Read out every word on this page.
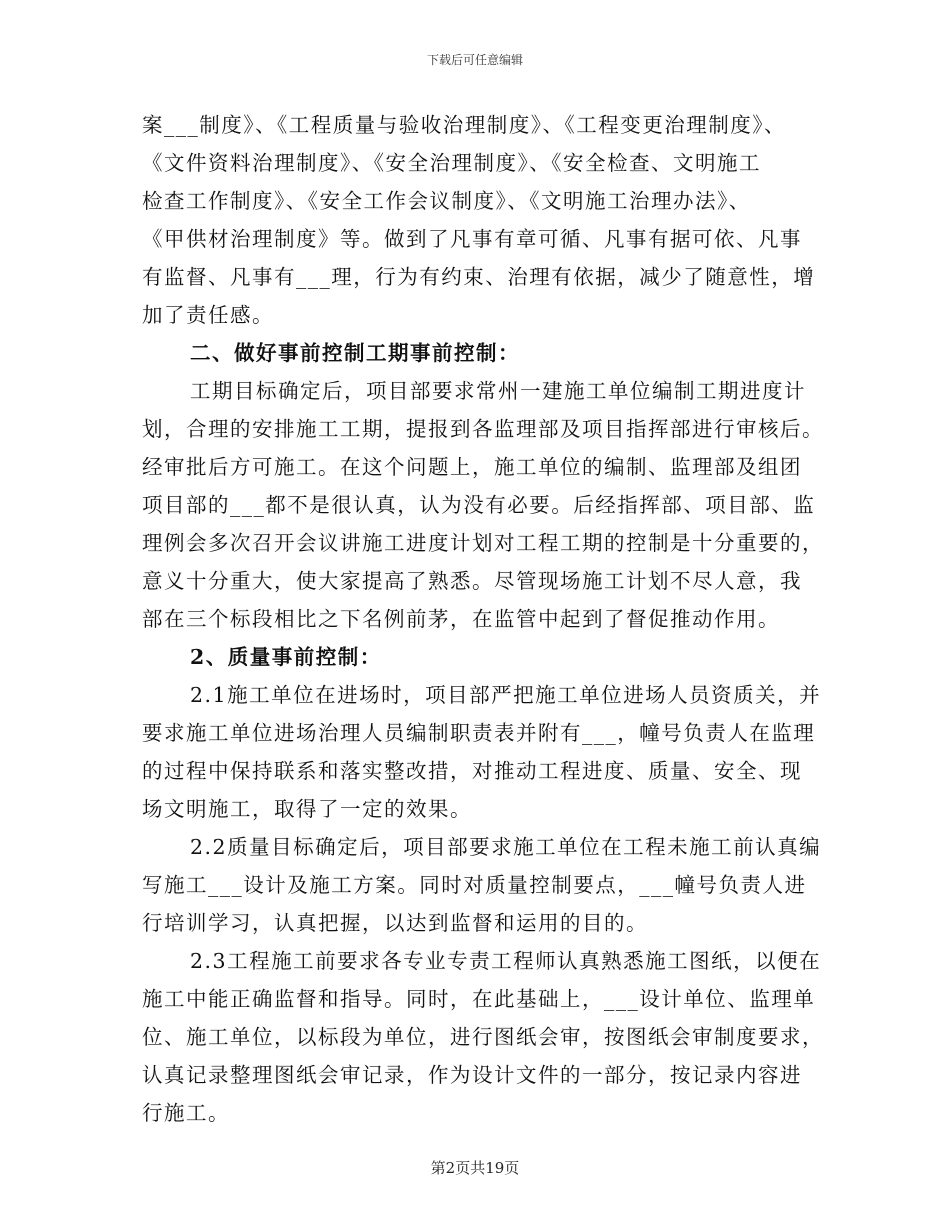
下载后可任意编辑
案___制度》、《工程质量与验收治理制度》、《工程变更治理制度》、
《文件资料治理制度》、《安全治理制度》、《安全检查、文明施工
检查工作制度》、《安全工作会议制度》、《文明施工治理办法》、
《甲供材治理制度》等。做到了凡事有章可循、凡事有据可依、凡事
有监督、凡事有___理，行为有约束、治理有依据，减少了随意性，增
加了责任感。
二、做好事前控制工期事前控制：
工期目标确定后，项目部要求常州一建施工单位编制工期进度计
划，合理的安排施工工期，提报到各监理部及项目指挥部进行审核后。
经审批后方可施工。在这个问题上，施工单位的编制、监理部及组团
项目部的___都不是很认真，认为没有必要。后经指挥部、项目部、监
理例会多次召开会议讲施工进度计划对工程工期的控制是十分重要的，
意义十分重大，使大家提高了熟悉。尽管现场施工计划不尽人意，我
部在三个标段相比之下名例前茅，在监管中起到了督促推动作用。
2、质量事前控制：
2.1施工单位在进场时，项目部严把施工单位进场人员资质关，并
要求施工单位进场治理人员编制职责表并附有___，幢号负责人在监理
的过程中保持联系和落实整改措，对推动工程进度、质量、安全、现
场文明施工，取得了一定的效果。
2.2质量目标确定后，项目部要求施工单位在工程未施工前认真编
写施工___设计及施工方案。同时对质量控制要点，___幢号负责人进
行培训学习，认真把握，以达到监督和运用的目的。
2.3工程施工前要求各专业专责工程师认真熟悉施工图纸，以便在
施工中能正确监督和指导。同时，在此基础上，___设计单位、监理单
位、施工单位，以标段为单位，进行图纸会审，按图纸会审制度要求，
认真记录整理图纸会审记录，作为设计文件的一部分，按记录内容进
行施工。
第2页共19页
